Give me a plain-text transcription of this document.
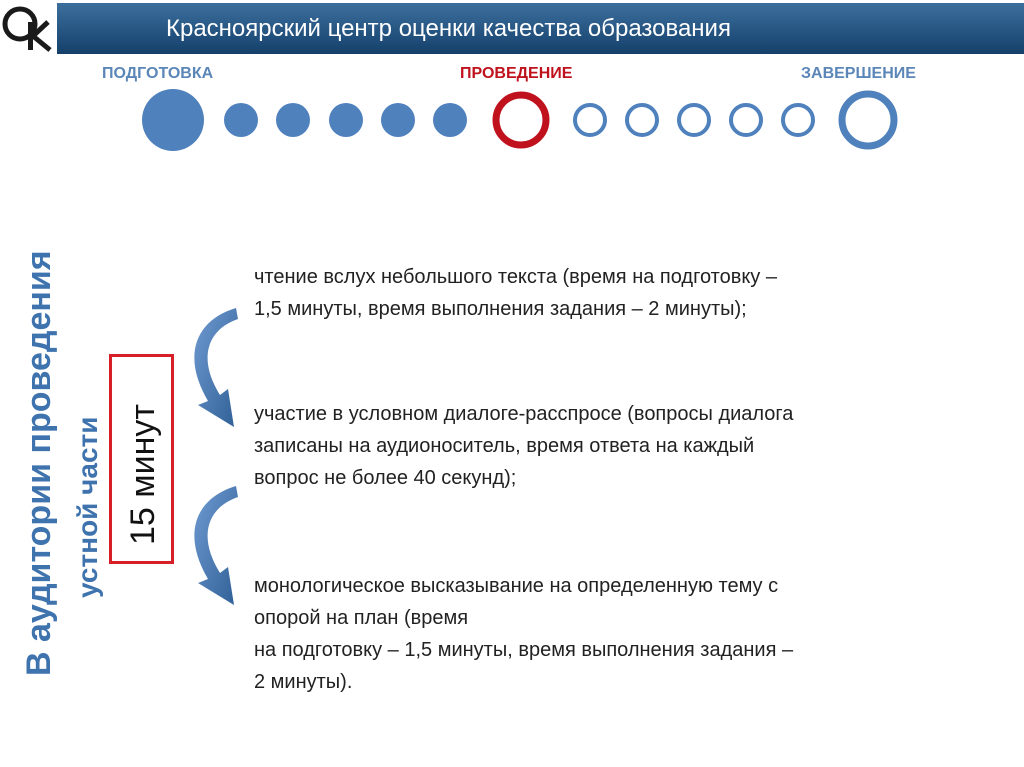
Красноярский центр оценки качества образования
ПОДГОТОВКА	ПРОВЕДЕНИЕ	ЗАВЕРШЕНИЕ
В аудитории проведения устной части 15 минут
чтение вслух небольшого текста (время на подготовку –
1,5 минуты, время выполнения задания – 2 минуты);
участие в условном диалоге-расспросе (вопросы диалога
записаны на аудионоситель, время ответа на каждый
вопрос не более 40 секунд);
монологическое высказывание на определенную тему с
опорой на план (время
на подготовку – 1,5 минуты, время выполнения задания –
2 минуты).
